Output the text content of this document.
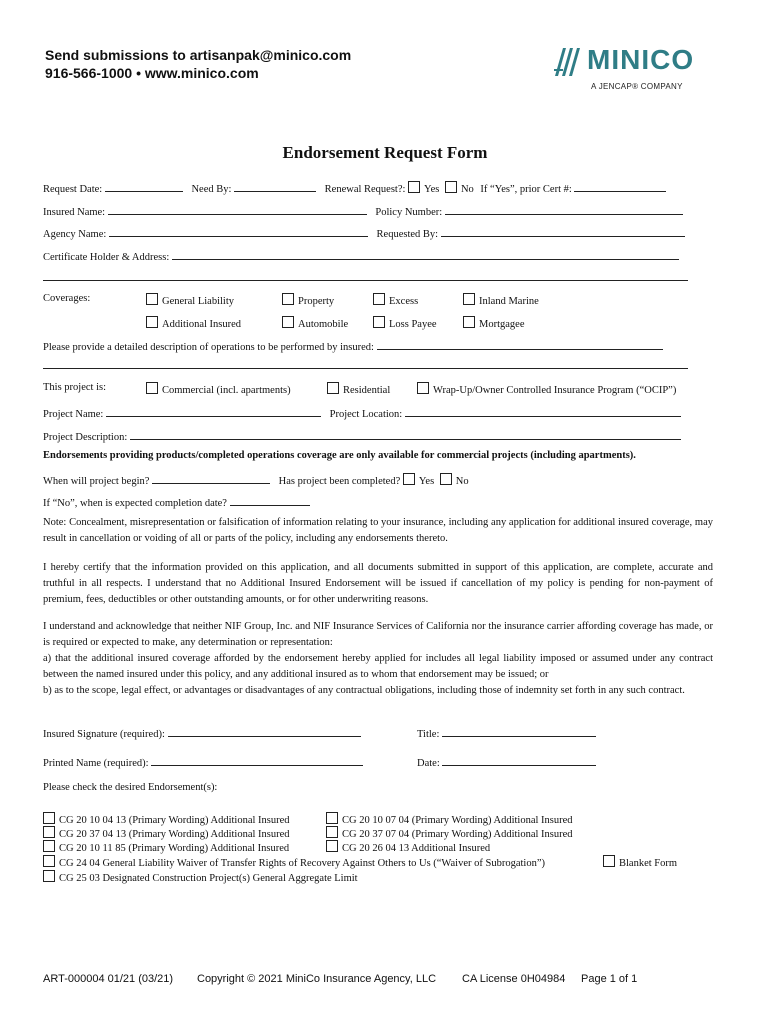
Send submissions to artisanpak@minico.com
916-566-1000 • www.minico.com	MINICO
A JENCAP® COMPANY
Endorsement Request Form
Request Date:	Need By:	Renewal Request?: Yes No If “Yes”, prior Cert #:
Insured Name:	Policy Number:
Agency Name:	Requested By:
Certificate Holder & Address:
Coverages:	General Liability	Property	Excess	Inland Marine
Additional Insured	Automobile	Loss Payee	Mortgagee
Please provide a detailed description of operations to be performed by insured:
This project is:	Commercial (incl. apartments)	Residential	Wrap-Up/Owner Controlled Insurance Program (“OCIP”)
Project Name:	Project Location:
Project Description:
Endorsements providing products/completed operations coverage are only available for commercial projects (including apartments).
When will project begin?	Has project been completed? Yes No
If “No”, when is expected completion date?
Note: Concealment, misrepresentation or falsification of information relating to your insurance, including any application for additional insured coverage, may result in cancellation or voiding of all or parts of the policy, including any endorsements thereto.
I hereby certify that the information provided on this application, and all documents submitted in support of this application, are complete, accurate and truthful in all respects. I understand that no Additional Insured Endorsement will be issued if cancellation of my policy is pending for non-payment of premium, fees, deductibles or other outstanding amounts, or for other underwriting reasons.
I understand and acknowledge that neither NIF Group, Inc. and NIF Insurance Services of California nor the insurance carrier affording coverage has made, or is required or expected to make, any determination or representation:
a) that the additional insured coverage afforded by the endorsement hereby applied for includes all legal liability imposed or assumed under any contract between the named insured under this policy, and any additional insured as to whom that endorsement may be issued; or
b) as to the scope, legal effect, or advantages or disadvantages of any contractual obligations, including those of indemnity set forth in any such contract.
Insured Signature (required):	Title:
Printed Name (required):	Date:
Please check the desired Endorsement(s):
CG 20 10 04 13 (Primary Wording) Additional Insured
CG 20 37 04 13 (Primary Wording) Additional Insured
CG 20 10 11 85 (Primary Wording) Additional Insured
CG 20 10 07 04 (Primary Wording) Additional Insured
CG 20 37 07 04 (Primary Wording) Additional Insured
CG 20 26 04 13 Additional Insured
CG 24 04 General Liability Waiver of Transfer Rights of Recovery Against Others to Us (“Waiver of Subrogation”)	Blanket Form
CG 25 03 Designated Construction Project(s) General Aggregate Limit
ART-000004 01/21 (03/21) Copyright © 2021 MiniCo Insurance Agency, LLC CA License 0H04984 Page 1 of 1
